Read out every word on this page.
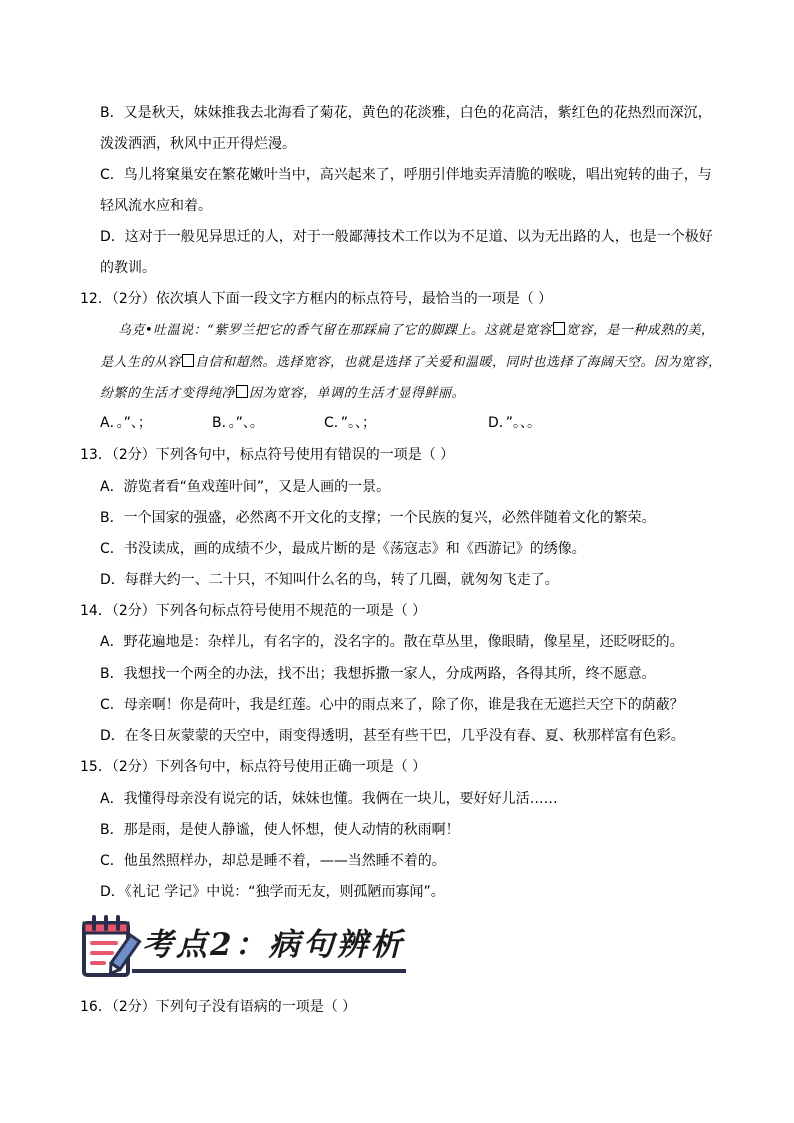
B．又是秋天，妹妹推我去北海看了菊花，黄色的花淡雅，白色的花高洁，紫红色的花热烈而深沉，
泼泼洒洒，秋风中正开得烂漫。
C．鸟儿将窠巢安在繁花嫩叶当中，高兴起来了，呼朋引伴地卖弄清脆的喉咙，唱出宛转的曲子，与
轻风流水应和着。
D．这对于一般见异思迁的人，对于一般鄙薄技术工作以为不足道、以为无出路的人，也是一个极好
的教训。
12．（2分）依次填人下面一段文字方框内的标点符号，最恰当的一项是（ ）
乌克•吐温说：“紫罗兰把它的香气留在那踩扁了它的脚踝上。这就是宽容 宽容，是一种成熟的美，
是人生的从容 自信和超然。选择宽容，也就是选择了关爱和温暖，同时也选择了海阔天空。因为宽容，
纷繁的生活才变得纯净 因为宽容，单调的生活才显得鲜丽。
A．。”、；	B．。”、。	C．”。、；	D．”。、。
13．（2分）下列各句中，标点符号使用有错误的一项是（ ）
A．游览者看“鱼戏莲叶间”，又是人画的一景。
B．一个国家的强盛，必然离不开文化的支撑；一个民族的复兴，必然伴随着文化的繁荣。
C．书没读成，画的成绩不少，最成片断的是《荡寇志》和《西游记》的绣像。
D．每群大约一、二十只，不知叫什么名的鸟，转了几圈，就匆匆飞走了。
14．（2分）下列各句标点符号使用不规范的一项是（ ）
A．野花遍地是：杂样儿，有名字的，没名字的。散在草丛里，像眼睛，像星星，还眨呀眨的。
B．我想找一个两全的办法，找不出；我想拆撒一家人，分成两路，各得其所，终不愿意。
C．母亲啊！你是荷叶，我是红莲。心中的雨点来了，除了你，谁是我在无遮拦天空下的荫蔽？
D．在冬日灰蒙蒙的天空中，雨变得透明，甚至有些干巴，几乎没有春、夏、秋那样富有色彩。
15．（2分）下列各句中，标点符号使用正确一项是（ ）
A．我懂得母亲没有说完的话，妹妹也懂。我俩在一块儿，要好好儿活……
B．那是雨，是使人静谧，使人怀想，使人动情的秋雨啊！
C．他虽然照样办，却总是睡不着，——当然睡不着的。
D．《礼记 学记》中说：“独学而无友，则孤陋而寡闻”。
考点2：病句辨析
16．（2分）下列句子没有语病的一项是（ ）
